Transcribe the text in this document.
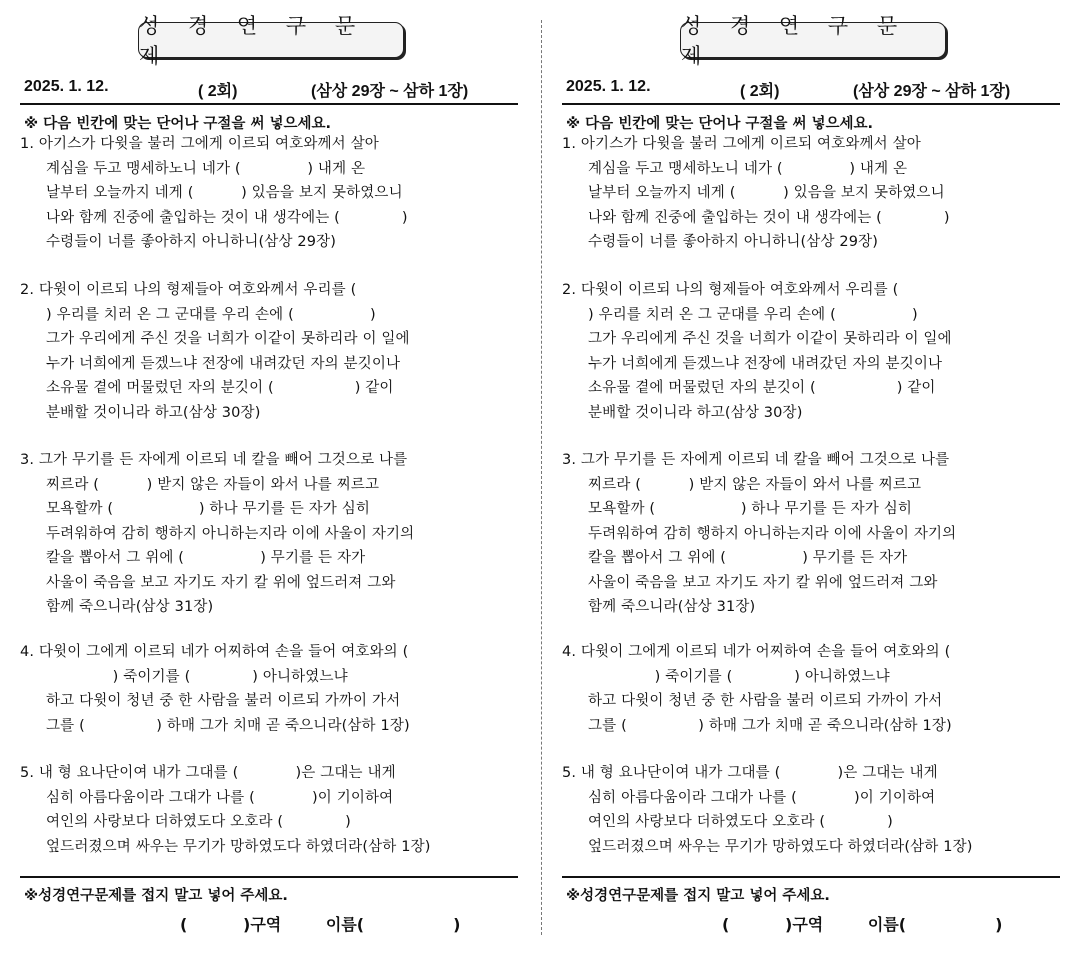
성 경 연 구 문 제
2025. 1. 12.	( 2회)	(삼상 29장 ~ 삼하 1장)
※ 다음 빈칸에 맞는 단어나 구절을 써 넣으세요.
1. 아기스가 다윗을 불러 그에게 이르되 여호와께서 살아
계심을 두고 맹세하노니 네가 (              ) 내게 온
날부터 오늘까지 네게 (          ) 있음을 보지 못하였으니
나와 함께 진중에 출입하는 것이 내 생각에는 (             )
수령들이 너를 좋아하지 아니하니(삼상 29장)
2. 다윗이 이르되 나의 형제들아 여호와께서 우리를 (
) 우리를 치러 온 그 군대를 우리 손에 (                )
그가 우리에게 주신 것을 너희가 이같이 못하리라 이 일에
누가 너희에게 듣겠느냐 전장에 내려갔던 자의 분깃이나
소유물 곁에 머물렀던 자의 분깃이 (                 ) 같이
분배할 것이니라 하고(삼상 30장)
3. 그가 무기를 든 자에게 이르되 네 칼을 빼어 그것으로 나를
찌르라 (          ) 받지 않은 자들이 와서 나를 찌르고
모욕할까 (                  ) 하나 무기를 든 자가 심히
두려워하여 감히 행하지 아니하는지라 이에 사울이 자기의
칼을 뽑아서 그 위에 (                ) 무기를 든 자가
사울이 죽음을 보고 자기도 자기 칼 위에 엎드러져 그와
함께 죽으니라(삼상 31장)
4. 다윗이 그에게 이르되 네가 어찌하여 손을 들어 여호와의 (
) 죽이기를 (             ) 아니하였느냐
하고 다윗이 청년 중 한 사람을 불러 이르되 가까이 가서
그를 (               ) 하매 그가 치매 곧 죽으니라(삼하 1장)
5. 내 형 요나단이여 내가 그대를 (            )은 그대는 내게
심히 아름다움이라 그대가 나를 (            )이 기이하여
여인의 사랑보다 더하였도다 오호라 (             )
엎드러졌으며 싸우는 무기가 망하였도다 하였더라(삼하 1장)
※성경연구문제를 접지 말고 넣어 주세요.
(          )구역	이름(                )
성 경 연 구 문 제
2025. 1. 12.	( 2회)	(삼상 29장 ~ 삼하 1장)
※ 다음 빈칸에 맞는 단어나 구절을 써 넣으세요.
1. 아기스가 다윗을 불러 그에게 이르되 여호와께서 살아
계심을 두고 맹세하노니 네가 (              ) 내게 온
날부터 오늘까지 네게 (          ) 있음을 보지 못하였으니
나와 함께 진중에 출입하는 것이 내 생각에는 (             )
수령들이 너를 좋아하지 아니하니(삼상 29장)
2. 다윗이 이르되 나의 형제들아 여호와께서 우리를 (
) 우리를 치러 온 그 군대를 우리 손에 (                )
그가 우리에게 주신 것을 너희가 이같이 못하리라 이 일에
누가 너희에게 듣겠느냐 전장에 내려갔던 자의 분깃이나
소유물 곁에 머물렀던 자의 분깃이 (                 ) 같이
분배할 것이니라 하고(삼상 30장)
3. 그가 무기를 든 자에게 이르되 네 칼을 빼어 그것으로 나를
찌르라 (          ) 받지 않은 자들이 와서 나를 찌르고
모욕할까 (                  ) 하나 무기를 든 자가 심히
두려워하여 감히 행하지 아니하는지라 이에 사울이 자기의
칼을 뽑아서 그 위에 (                ) 무기를 든 자가
사울이 죽음을 보고 자기도 자기 칼 위에 엎드러져 그와
함께 죽으니라(삼상 31장)
4. 다윗이 그에게 이르되 네가 어찌하여 손을 들어 여호와의 (
) 죽이기를 (             ) 아니하였느냐
하고 다윗이 청년 중 한 사람을 불러 이르되 가까이 가서
그를 (               ) 하매 그가 치매 곧 죽으니라(삼하 1장)
5. 내 형 요나단이여 내가 그대를 (            )은 그대는 내게
심히 아름다움이라 그대가 나를 (            )이 기이하여
여인의 사랑보다 더하였도다 오호라 (             )
엎드러졌으며 싸우는 무기가 망하였도다 하였더라(삼하 1장)
※성경연구문제를 접지 말고 넣어 주세요.
(          )구역	이름(                )
